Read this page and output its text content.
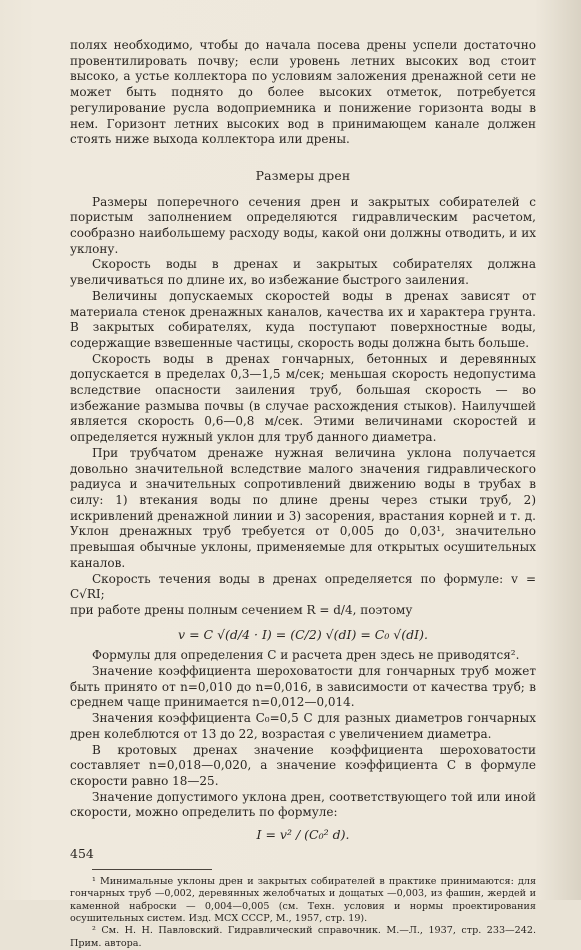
полях необходимо, чтобы до начала посева дрены успели достаточно провентилировать почву; если уровень летних высоких вод стоит высоко, а устье коллектора по условиям заложения дренажной сети не может быть поднято до более высоких отметок, потребуется регулирование русла водоприемника и понижение горизонта воды в нем. Горизонт летних высоких вод в принимающем канале должен стоять ниже выхода коллектора или дрены.

Размеры дрен

Размеры поперечного сечения дрен и закрытых собирателей с пористым заполнением определяются гидравлическим расчетом, сообразно наибольшему расходу воды, какой они должны отводить, и их уклону.

Скорость воды в дренах и закрытых собирателях должна увеличиваться по длине их, во избежание быстрого заиления.

Величины допускаемых скоростей воды в дренах зависят от материала стенок дренажных каналов, качества их и характера грунта. В закрытых собирателях, куда поступают поверхностные воды, содержащие взвешенные частицы, скорость воды должна быть больше.

Скорость воды в дренах гончарных, бетонных и деревянных допускается в пределах 0,3—1,5 м/сек; меньшая скорость недопустима вследствие опасности заиления труб, большая скорость — во избежание размыва почвы (в случае расхождения стыков). Наилучшей является скорость 0,6—0,8 м/сек. Этими величинами скоростей и определяется нужный уклон для труб данного диаметра.

При трубчатом дренаже нужная величина уклона получается довольно значительной вследствие малого значения гидравлического радиуса и значительных сопротивлений движению воды в трубах в силу: 1) втекания воды по длине дрены через стыки труб, 2) искривлений дренажной линии и 3) засорения, врастания корней и т. д. Уклон дренажных труб требуется от 0,005 до 0,03¹, значительно превышая обычные уклоны, применяемые для открытых осушительных каналов.

Скорость течения воды в дренах определяется по формуле: v = C√RI;

при работе дрены полным сечением R = d/4, поэтому

v = C √(d/4 · I) = (C/2) √(dI) = C₀ √(dI).

Формулы для определения C и расчета дрен здесь не приводятся².

Значение коэффициента шероховатости для гончарных труб может быть принято от n=0,010 до n=0,016, в зависимости от качества труб; в среднем чаще принимается n=0,012—0,014.

Значения коэффициента C₀=0,5 C для разных диаметров гончарных дрен колеблются от 13 до 22, возрастая с увеличением диаметра.

В кротовых дренах значение коэффициента шероховатости составляет n=0,018—0,020, а значение коэффициента C в формуле скорости равно 18—25.

Значение допустимого уклона дрен, соответствующего той или иной скорости, можно определить по формуле:

I = v² / (C₀² d).

¹ Минимальные уклоны дрен и закрытых собирателей в практике принимаются: для гончарных труб —0,002, деревянных желобчатых и дощатых —0,003, из фашин, жердей и каменной наброски — 0,004—0,005 (см. Техн. условия и нормы проектирования осушительных систем. Изд. МСХ СССР, М., 1957, стр. 19).

² См. Н. Н. Павловский. Гидравлический справочник. М.—Л., 1937, стр. 233—242. Прим. автора.

454
